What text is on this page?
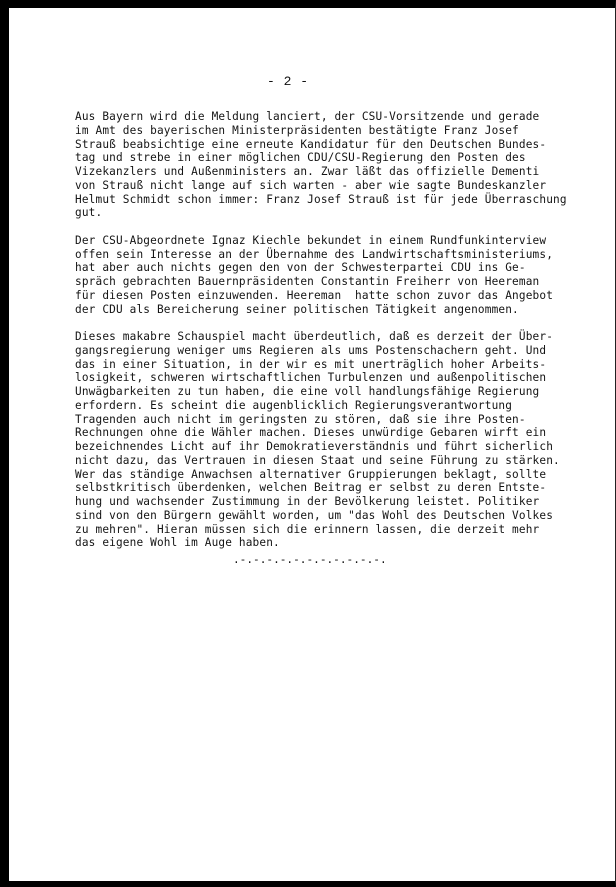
- 2 -

Aus Bayern wird die Meldung lanciert, der CSU-Vorsitzende und gerade
im Amt des bayerischen Ministerpräsidenten bestätigte Franz Josef
Strauß beabsichtige eine erneute Kandidatur für den Deutschen Bundes-
tag und strebe in einer möglichen CDU/CSU-Regierung den Posten des
Vizekanzlers und Außenministers an. Zwar läßt das offizielle Dementi
von Strauß nicht lange auf sich warten - aber wie sagte Bundeskanzler
Helmut Schmidt schon immer: Franz Josef Strauß ist für jede Überraschung
gut.

Der CSU-Abgeordnete Ignaz Kiechle bekundet in einem Rundfunkinterview
offen sein Interesse an der Übernahme des Landwirtschaftsministeriums,
hat aber auch nichts gegen den von der Schwesterpartei CDU ins Ge-
spräch gebrachten Bauernpräsidenten Constantin Freiherr von Heereman
für diesen Posten einzuwenden. Heereman  hatte schon zuvor das Angebot
der CDU als Bereicherung seiner politischen Tätigkeit angenommen.

Dieses makabre Schauspiel macht überdeutlich, daß es derzeit der Über-
gangsregierung weniger ums Regieren als ums Postenschachern geht. Und
das in einer Situation, in der wir es mit unerträglich hoher Arbeits-
losigkeit, schweren wirtschaftlichen Turbulenzen und außenpolitischen
Unwägbarkeiten zu tun haben, die eine voll handlungsfähige Regierung
erfordern. Es scheint die augenblicklich Regierungsverantwortung
Tragenden auch nicht im geringsten zu stören, daß sie ihre Posten-
Rechnungen ohne die Wähler machen. Dieses unwürdige Gebaren wirft ein
bezeichnendes Licht auf ihr Demokratieverständnis und führt sicherlich
nicht dazu, das Vertrauen in diesen Staat und seine Führung zu stärken.
Wer das ständige Anwachsen alternativer Gruppierungen beklagt, sollte
selbstkritisch überdenken, welchen Beitrag er selbst zu deren Entste-
hung und wachsender Zustimmung in der Bevölkerung leistet. Politiker
sind von den Bürgern gewählt worden, um "das Wohl des Deutschen Volkes
zu mehren". Hieran müssen sich die erinnern lassen, die derzeit mehr
das eigene Wohl im Auge haben.

.-.-.-.-.-.-.-.-.-.-.-.
